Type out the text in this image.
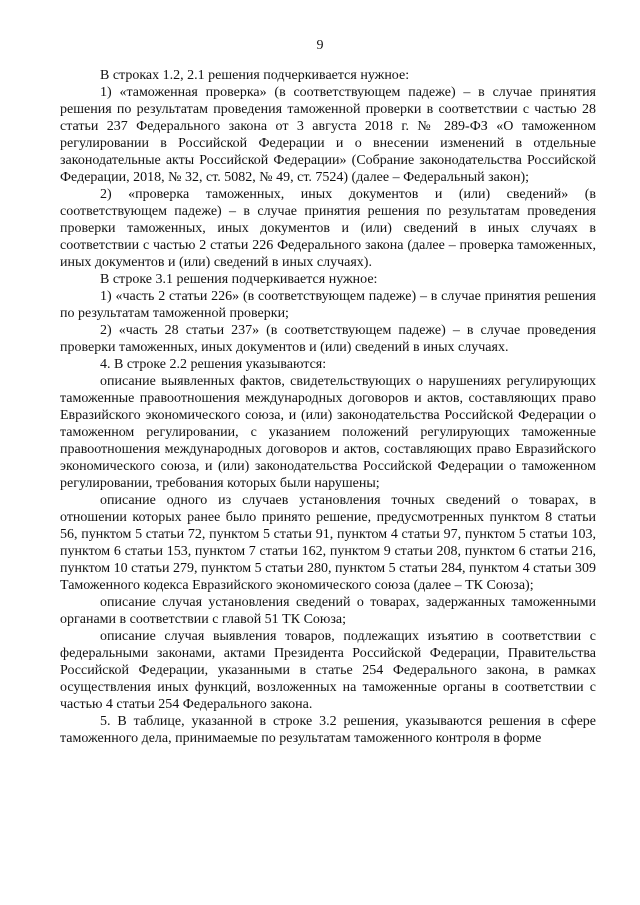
9

В строках 1.2, 2.1 решения подчеркивается нужное:

1) «таможенная проверка» (в соответствующем падеже) – в случае принятия решения по результатам проведения таможенной проверки в соответствии с частью 28 статьи 237 Федерального закона от 3 августа 2018 г. № 289-ФЗ «О таможенном регулировании в Российской Федерации и о внесении изменений в отдельные законодательные акты Российской Федерации» (Собрание законодательства Российской Федерации, 2018, № 32, ст. 5082, № 49, ст. 7524) (далее – Федеральный закон);

2) «проверка таможенных, иных документов и (или) сведений» (в соответствующем падеже) – в случае принятия решения по результатам проведения проверки таможенных, иных документов и (или) сведений в иных случаях в соответствии с частью 2 статьи 226 Федерального закона (далее – проверка таможенных, иных документов и (или) сведений в иных случаях).

В строке 3.1 решения подчеркивается нужное:

1) «часть 2 статьи 226» (в соответствующем падеже) – в случае принятия решения по результатам таможенной проверки;

2) «часть 28 статьи 237» (в соответствующем падеже) – в случае проведения проверки таможенных, иных документов и (или) сведений в иных случаях.

4. В строке 2.2 решения указываются:

описание выявленных фактов, свидетельствующих о нарушениях регулирующих таможенные правоотношения международных договоров и актов, составляющих право Евразийского экономического союза, и (или) законодательства Российской Федерации о таможенном регулировании, с указанием положений регулирующих таможенные правоотношения международных договоров и актов, составляющих право Евразийского экономического союза, и (или) законодательства Российской Федерации о таможенном регулировании, требования которых были нарушены;

описание одного из случаев установления точных сведений о товарах, в отношении которых ранее было принято решение, предусмотренных пунктом 8 статьи 56, пунктом 5 статьи 72, пунктом 5 статьи 91, пунктом 4 статьи 97, пунктом 5 статьи 103, пунктом 6 статьи 153, пунктом 7 статьи 162, пунктом 9 статьи 208, пунктом 6 статьи 216, пунктом 10 статьи 279, пунктом 5 статьи 280, пунктом 5 статьи 284, пунктом 4 статьи 309 Таможенного кодекса Евразийского экономического союза (далее – ТК Союза);

описание случая установления сведений о товарах, задержанных таможенными органами в соответствии с главой 51 ТК Союза;

описание случая выявления товаров, подлежащих изъятию в соответствии с федеральными законами, актами Президента Российской Федерации, Правительства Российской Федерации, указанными в статье 254 Федерального закона, в рамках осуществления иных функций, возложенных на таможенные органы в соответствии с частью 4 статьи 254 Федерального закона.

5. В таблице, указанной в строке 3.2 решения, указываются решения в сфере таможенного дела, принимаемые по результатам таможенного контроля в форме
